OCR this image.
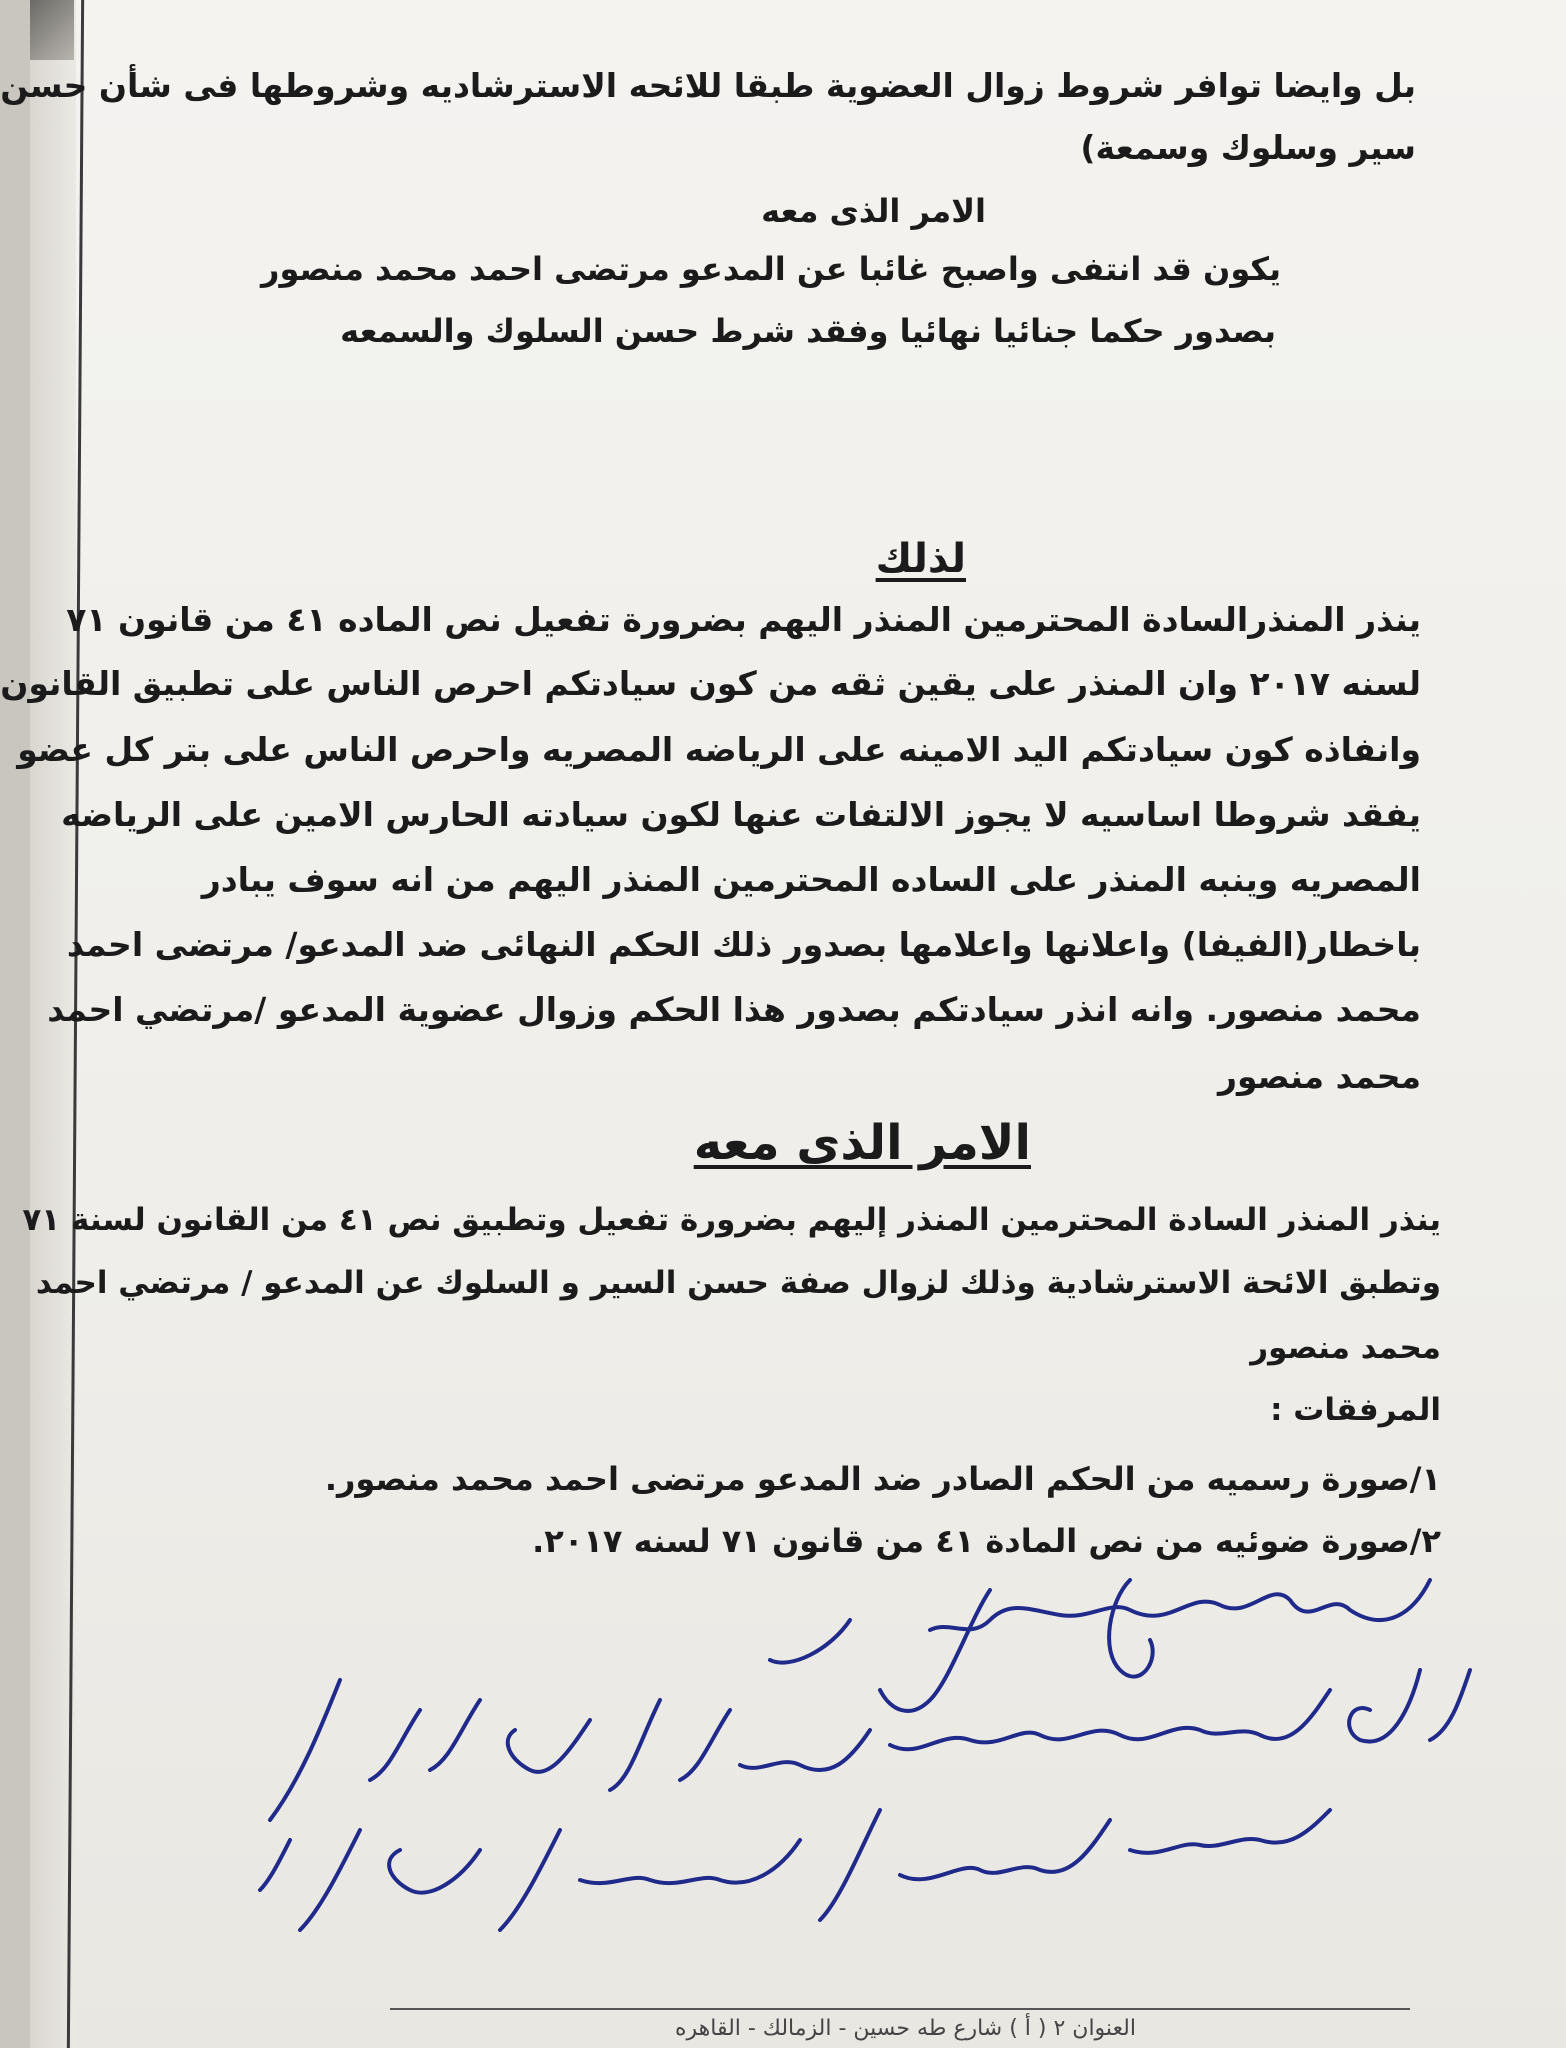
بل وايضا توافر شروط زوال العضوية طبقا للائحه الاسترشاديه وشروطها فى شأن حسن
سير وسلوك وسمعة)
الامر الذى معه
يكون قد انتفى واصبح غائبا عن المدعو مرتضى احمد محمد منصور
بصدور حكما جنائيا نهائيا وفقد شرط حسن السلوك والسمعه
لذلك
ينذر المنذرالسادة المحترمين المنذر اليهم بضرورة تفعيل نص الماده ٤١ من قانون ٧١
لسنه ٢٠١٧ وان المنذر على يقين ثقه من كون سيادتكم احرص الناس على تطبيق القانون
وانفاذه كون سيادتكم اليد الامينه على الرياضه المصريه واحرص الناس على بتر كل عضو
يفقد شروطا اساسيه لا يجوز الالتفات عنها لكون سيادته الحارس الامين على الرياضه
المصريه وينبه المنذر على الساده المحترمين المنذر اليهم من انه سوف يبادر
باخطار(الفيفا) واعلانها واعلامها بصدور ذلك الحكم النهائى ضد المدعو/ مرتضى احمد
محمد منصور. وانه انذر سيادتكم بصدور هذا الحكم وزوال عضوية المدعو /مرتضي احمد
محمد منصور
الامر الذى معه
ينذر المنذر السادة المحترمين المنذر إليهم بضرورة تفعيل وتطبيق نص ٤١ من القانون لسنة ٧١
وتطبق الائحة الاسترشادية وذلك لزوال صفة حسن السير و السلوك عن المدعو / مرتضي احمد
محمد منصور
المرفقات :
١/صورة رسميه من الحكم الصادر ضد المدعو مرتضى احمد محمد منصور.
٢/صورة ضوئيه من نص المادة ٤١ من قانون ٧١ لسنه ٢٠١٧.
العنوان ٢ ( أ ) شارع طه حسين - الزمالك - القاهره
